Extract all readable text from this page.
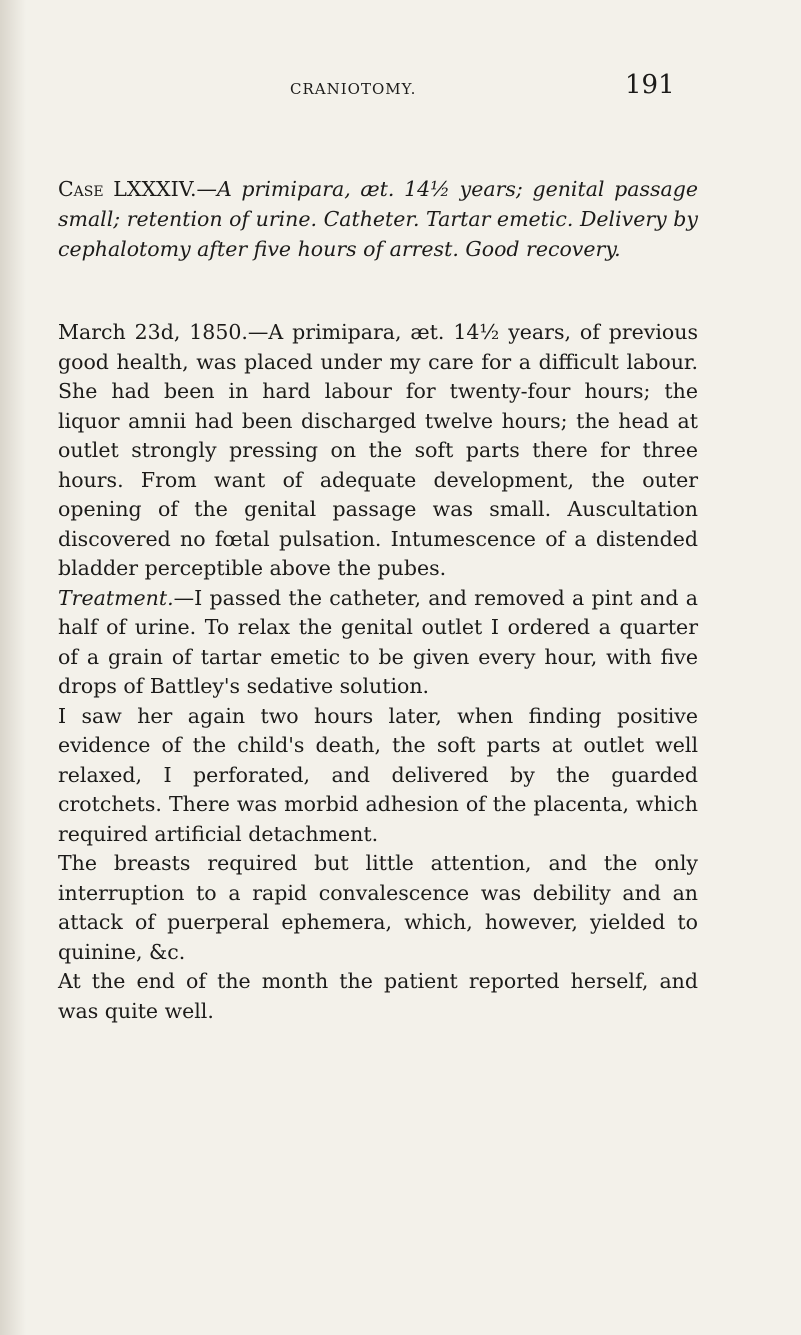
CRANIOTOMY.	191
Case LXXXIV.—A primipara, æt. 14½ years; genital passage small; retention of urine. Catheter. Tartar emetic. Delivery by cephalotomy after five hours of arrest. Good recovery.

March 23d, 1850.—A primipara, æt. 14½ years, of previous good health, was placed under my care for a difficult labour. She had been in hard labour for twenty-four hours; the liquor amnii had been discharged twelve hours; the head at outlet strongly pressing on the soft parts there for three hours. From want of adequate development, the outer opening of the genital passage was small. Auscultation discovered no fœtal pulsation. Intumescence of a distended bladder perceptible above the pubes.

Treatment.—I passed the catheter, and removed a pint and a half of urine. To relax the genital outlet I ordered a quarter of a grain of tartar emetic to be given every hour, with five drops of Battley's sedative solution.

I saw her again two hours later, when finding positive evidence of the child's death, the soft parts at outlet well relaxed, I perforated, and delivered by the guarded crotchets. There was morbid adhesion of the placenta, which required artificial detachment.

The breasts required but little attention, and the only interruption to a rapid convalescence was debility and an attack of puerperal ephemera, which, however, yielded to quinine, &c.

At the end of the month the patient reported herself, and was quite well.
